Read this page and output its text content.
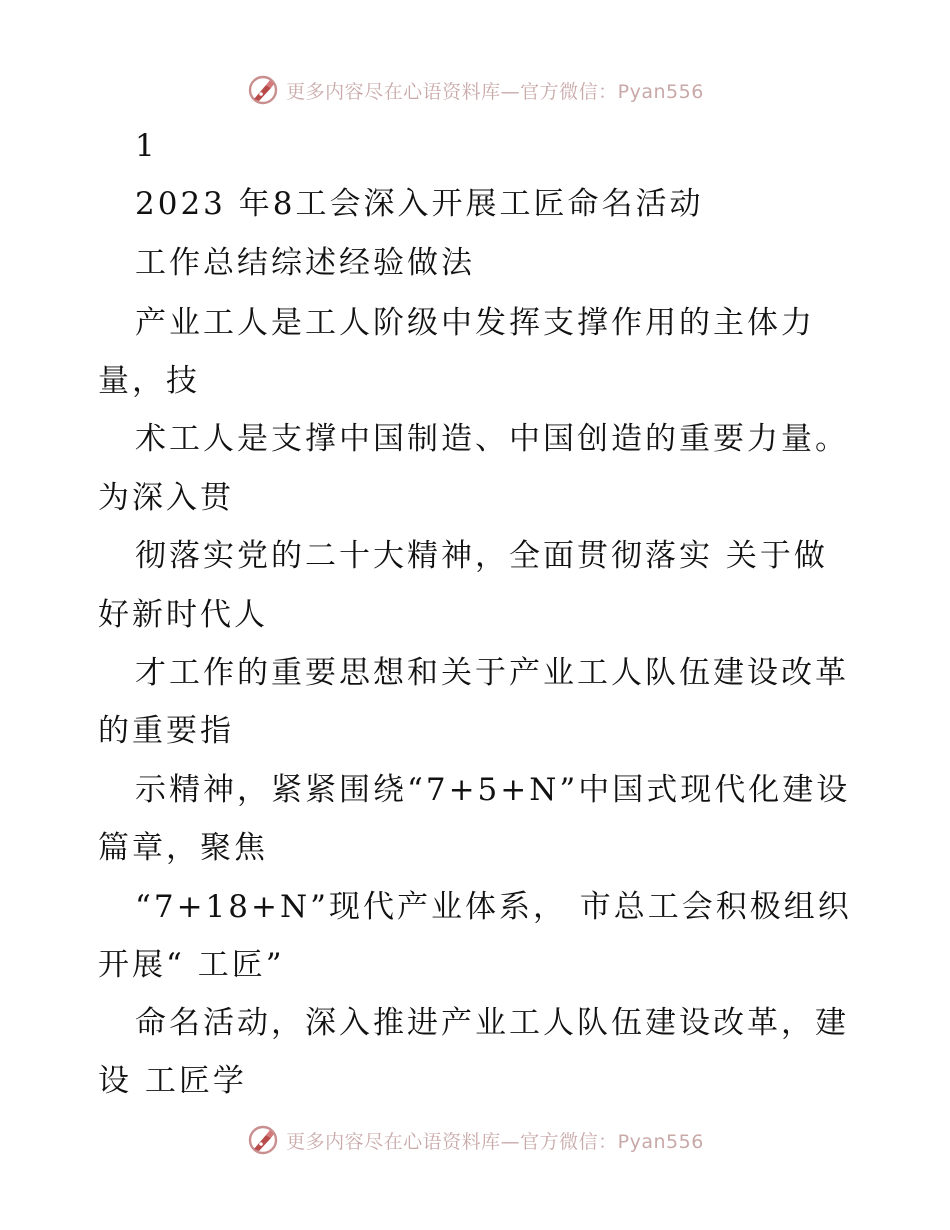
更多内容尽在心语资料库—官方微信：Pyan556
1
2023 年8工会深入开展工匠命名活动
工作总结综述经验做法
产业工人是工人阶级中发挥支撑作用的主体力
量，技
术工人是支撑中国制造、中国创造的重要力量。
为深入贯
彻落实党的二十大精神，全面贯彻落实 关于做
好新时代人
才工作的重要思想和关于产业工人队伍建设改革
的重要指
示精神，紧紧围绕“7+5+N”中国式现代化建设
篇章，聚焦
“7+18+N”现代产业体系， 市总工会积极组织
开展“ 工匠”
命名活动，深入推进产业工人队伍建设改革，建
设 工匠学
更多内容尽在心语资料库—官方微信：Pyan556
